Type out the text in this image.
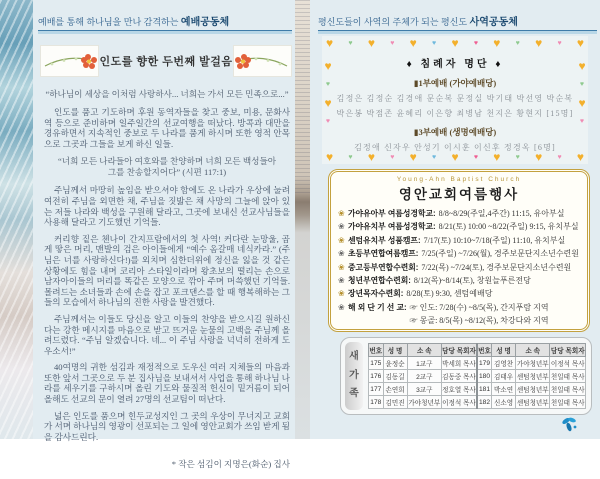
예배를 통해 하나님을 만나 감격하는 예배공동체
인도를 향한 두번째 발걸음

“하나님이 세상을 이처럼 사랑하사... 너희는 가서 모든 민족으로...”

인도를 품고 기도하며 후원 동역자들을 찾고 중보, 미용, 문화사역 등으로 준비하며 일주일간의 선교여행을 떠났다. 방콕과 대만을 경유하면서 지속적인 중보로 두 나라를 품게 하시며 또한 영적 안목으로 그곳과 그들을 보게 하신 일들.

“너희 모든 나라들아 여호와를 찬양하며 너희 모든 백성들아
그를 찬송할지어다” (시편 117:1)

주님께서 마땅히 높임을 받으셔야 함에도 온 나라가 우상에 눌려 여전히 주님을 외면한 채, 주님을 짓밟은 채 사망의 그늘에 앉아 있는 저들 나라와 백성을 구원해 달라고, 그곳에 보내신 선교사님들을 사용해 달라고 기도했던 기억들.

커리향 짙은 첸나이 간지프람에서의 첫 사역! 커다란 눈망울, 곱게 땋은 머리, 맨발의 검은 아이들에게 “예수 옴갈매 네식카라.” (주님은 너를 사랑하신다!)를 외치며 심한더위에 정신을 잃을 것 같은 상황에도 힘을 내며 코리아 스타일이라며 왕초보의 떨리는 손으로 남자아이들의 머리를 똑같은 모양으로 깎아 주며 머쓱했던 기억들. 몰려드는 소녀들과 손에 손을 잡고 포크댄스를 할 때 행복해하는 그들의 모습에서 하나님의 진한 사랑을 발견했다.

주님께서는 이들도 당신을 알고 이들의 찬양을 받으시길 원하신다는 강한 메시지를 마음으로 받고 뜨거운 눈물의 고백을 주님께 올려드렸다. “주님 알겠습니다. 네... 이 주님 사랑을 넉넉히 전하게 도우소서!”

40여명의 귀한 섬김과 재정적으로 도우신 여러 지체들의 마음과 또한 앞서 그곳으로 두 분 집사님을 보내셔서 사업을 통해 하나님 나라를 세우기를 구하시며 올린 기도와 물질적 헌신이 밑거름이 되어 올해도 선교의 문이 열려 27명의 선교팀이 떠난다.

넓은 인도를 품으며 힌두교성지인 그 곳의 우상이 무너지고 교회가 서며 하나님의 영광이 선포되는 그 일에 영안교회가 쓰임 받게 됨을 감사드린다.

* 작은 섬김이 지명은(화순) 집사

평신도들이 사역의 주체가 되는 평신도 사역공동체
♥ ♥ ♥ ♥ ♥ ♥ ♥ ♥ ♥ ♥ ♥ ♥ ♥
♥
♥
♥
♥
♥
♥
♥
♥
♦ 침례자 명단 ♦
▮1부예배 (가야예배당)
김정은 김정순 김경애 문순복 문정실 박기태 박선영 박순복
박은봉 박점존 윤혜리 이은향 최병남 천지은 황현지 [15명]
▮3부예배 (생명예배당)
김정애 신자우 안성기 이시훈 이신후 정경옥 [6명]
♥ ♥ ♥ ♥ ♥ ♥ ♥ ♥ ♥ ♥ ♥ ♥ ♥
Young-Ahn Baptist Church
영안교회여름행사
❀ 가야유아부 여름성경학교: 8/8~8/29(주일,4주간) 11:15, 유아부실
❀ 가야유치부 여름성경학교: 8/21(토) 10:00 ~8/22(주일) 9:15, 유치부실
❀ 센텀유치부 성품캠프: 7/17(토) 10:10~7/18(주일) 11:10, 유치부실
❀ 초등부연합여름캠프: 7/25(주일) ~7/26(월), 경주보문단지소년수련원
❀ 중고등부연합수련회: 7/22(목) ~7/24(토), 경주보문단지소년수련원
❀ 청년부연합수련회: 8/12(목)~8/14(토), 창원늘푸른전당
❀ 장년목자수련회: 8/28(토) 9:30, 센텀예배당
❀ 해 외 단 기 선 교: ☞ 인도: 7/28(수) ~8/5(목), 간지푸람 지역
☞ 몽골: 8/5(목) ~8/12(목), 차강다와 지역
새가족
번호	성 명	소 속	담당 목회자	번호	성 명	소 속	담당 목회자
175	윤정순	1교구	박세희 목사	179	김영찬	가야청년부	이정석 목사
176	김동길	2교구	김동중 목사	180	김태우	센텀청년부	천일태 목사
177	손연희	3교구	정호열 목사	181	박소연	센텀청년부	천일태 목사
178	김민진	가야청년부	이정석 목사	182	신소영	센텀청년부	천일태 목사
